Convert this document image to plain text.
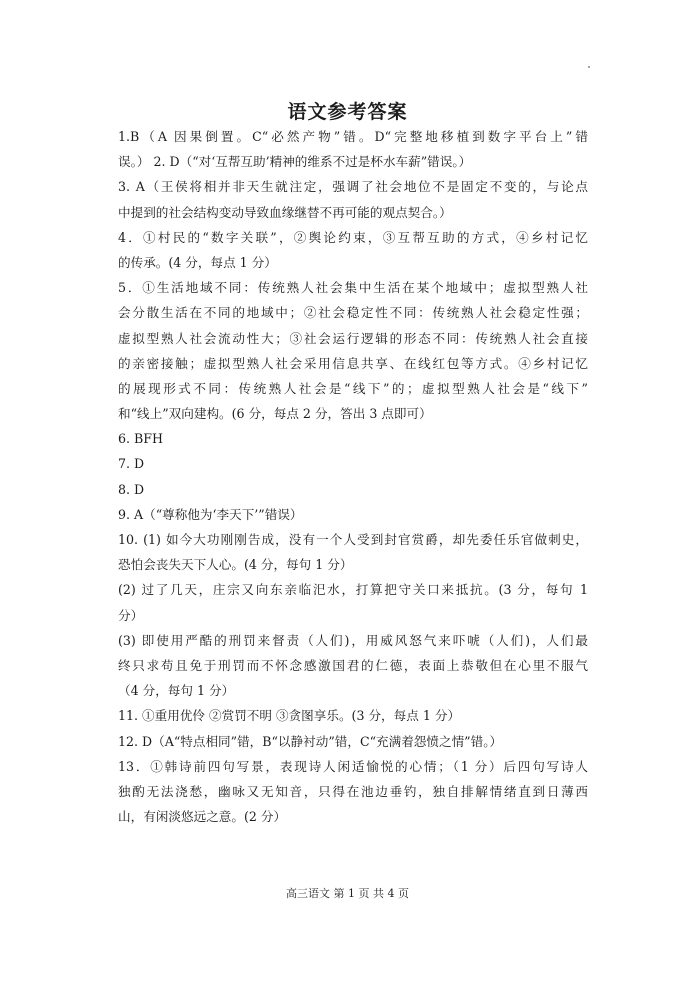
语文参考答案
1.B（A 因果倒置。C“必然产物”错。D“完整地移植到数字平台上”错
误。） 2. D（“对‘互帮互助’精神的维系不过是杯水车薪”错误。）
3. A（王侯将相并非天生就注定，强调了社会地位不是固定不变的，与论点
中提到的社会结构变动导致血缘继替不再可能的观点契合。）
4．①村民的“数字关联”，②舆论约束，③互帮互助的方式，④乡村记忆
的传承。(4 分，每点 1 分）
5．①生活地域不同：传统熟人社会集中生活在某个地域中；虚拟型熟人社
会分散生活在不同的地域中；②社会稳定性不同：传统熟人社会稳定性强；
虚拟型熟人社会流动性大；③社会运行逻辑的形态不同：传统熟人社会直接
的亲密接触；虚拟型熟人社会采用信息共享、在线红包等方式。④乡村记忆
的展现形式不同：传统熟人社会是“线下”的；虚拟型熟人社会是“线下”
和“线上”双向建构。(6 分，每点 2 分，答出 3 点即可）
6. BFH
7. D
8. D
9. A（“尊称他为‘李天下’”错误）
10. (1) 如今大功刚刚告成，没有一个人受到封官赏爵，却先委任乐官做刺史，
恐怕会丧失天下人心。(4 分，每句 1 分）
(2) 过了几天，庄宗又向东亲临汜水，打算把守关口来抵抗。(3 分，每句 1
分）
(3) 即使用严酷的刑罚来督责（人们)，用威风怒气来吓唬（人们)，人们最
终只求苟且免于刑罚而不怀念感激国君的仁德，表面上恭敬但在心里不服气
（4 分，每句 1 分）
11. ①重用优伶 ②赏罚不明 ③贪图享乐。(3 分，每点 1 分）
12. D（A“特点相同”错，B“以静衬动”错，C“充满着怨愤之情”错。）
13．①韩诗前四句写景，表现诗人闲适愉悦的心情；（1 分）后四句写诗人
独酌无法浇愁，幽咏又无知音，只得在池边垂钓，独自排解情绪直到日薄西
山，有闲淡悠远之意。(2 分）
高三语文 第 1 页 共 4 页
